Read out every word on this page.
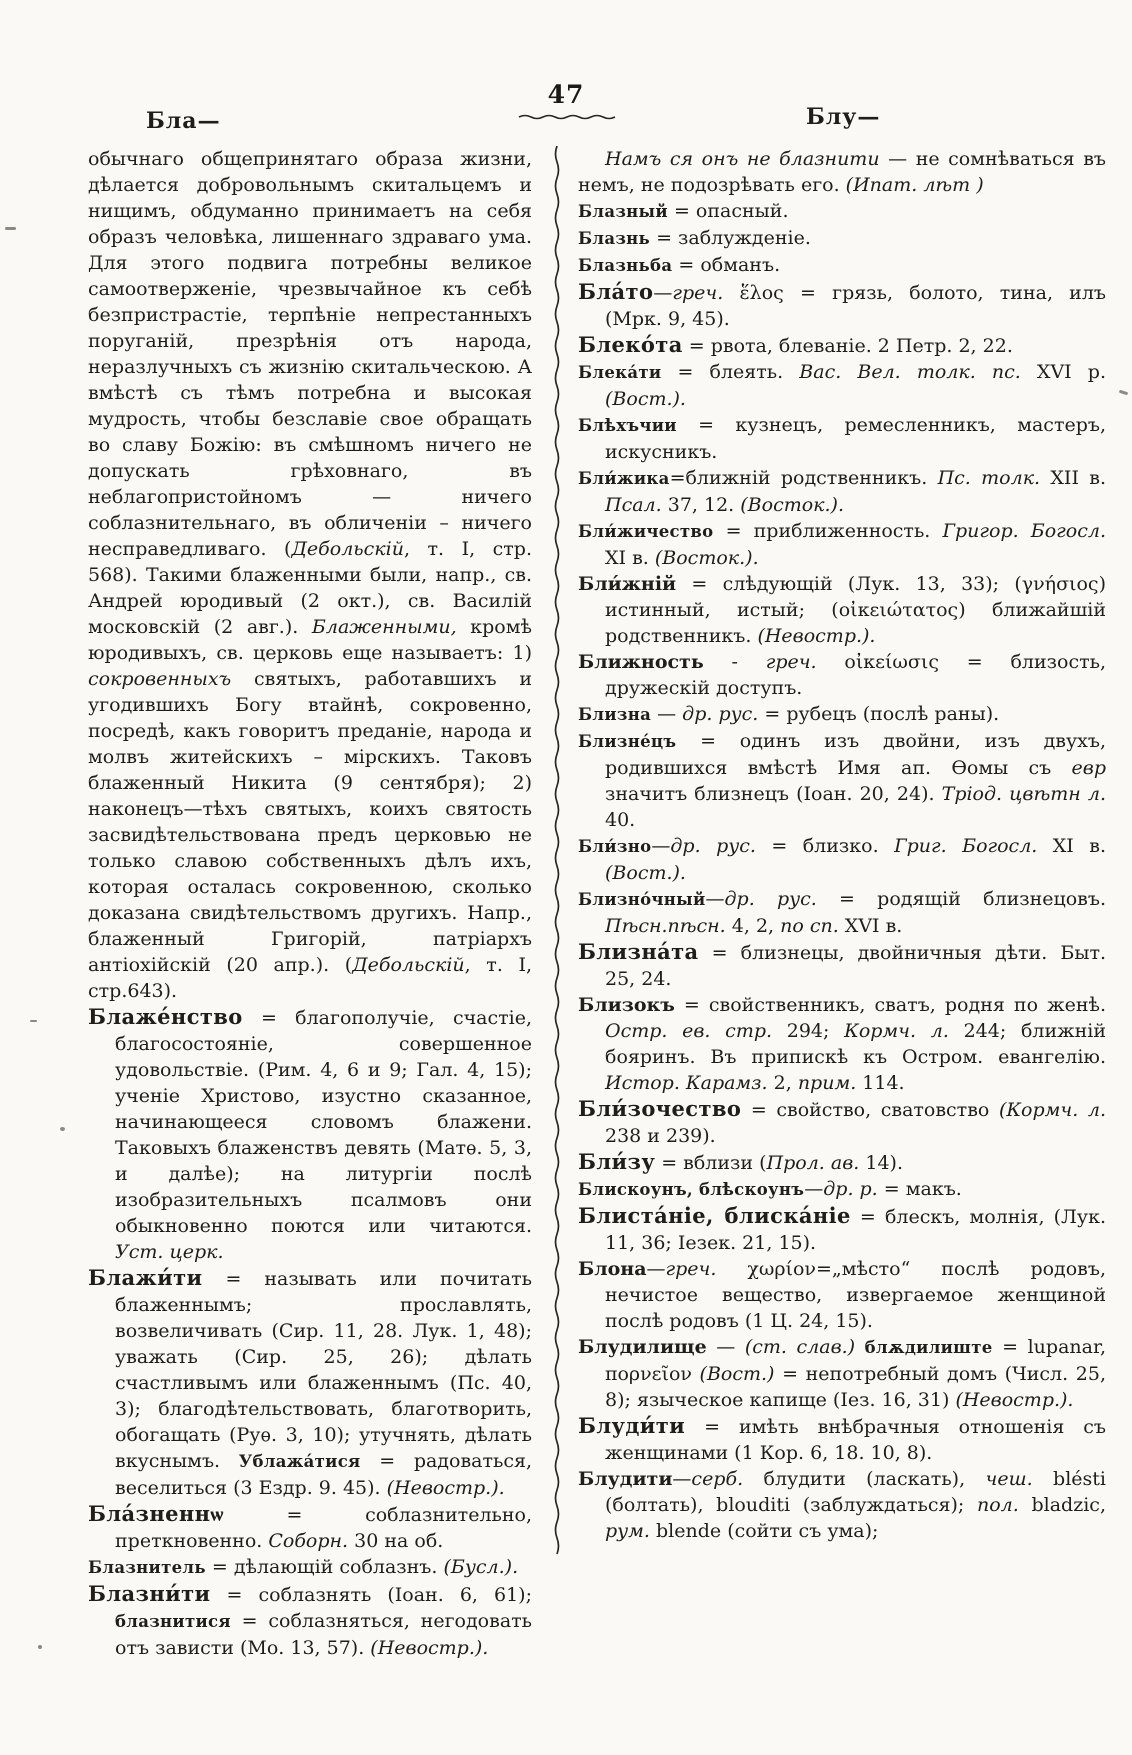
47
Бла—	Блу—

обычнаго общепринятаго образа жизни, дѣлается добровольнымъ скитальцемъ и нищимъ, обдуманно принимаетъ на себя образъ человѣка, лишеннаго здраваго ума. Для этого подвига потребны великое самоотверженіе, чрезвычайное къ себѣ безпристрастіе, терпѣніе непрестанныхъ поруганій, презрѣнія отъ народа, неразлучныхъ съ жизнію скитальческою. А вмѣстѣ съ тѣмъ потребна и высокая мудрость, чтобы безславіе свое обращать во славу Божію: въ смѣшномъ ничего не допускать грѣховнаго, въ неблагопристойномъ — ничего соблазнительнаго, въ обличеніи – ничего несправедливаго. (Дебольскій, т. I, стр. 568). Такими блаженными были, напр., св. Андрей юродивый (2 окт.), св. Василій московскій (2 авг.). Блаженными, кромѣ юродивыхъ, св. церковь еще называетъ: 1) сокровенныхъ святыхъ, работавшихъ и угодившихъ Богу втайнѣ, сокровенно, посредѣ, какъ говоритъ преданіе, народа и молвъ житейскихъ – мірскихъ. Таковъ блаженный Никита (9 сентября); 2) наконецъ—тѣхъ святыхъ, коихъ святость засвидѣтельствована предъ церковью не только славою собственныхъ дѣлъ ихъ, которая осталась сокровенною, сколько доказана свидѣтельствомъ другихъ. Напр., блаженный Григорій, патріархъ антіохійскій (20 апр.). (Дебольскій, т. I, стр.643).

Блаже́нство = благополучіе, счастіе, благосостояніе, совершенное удовольствіе. (Рим. 4, 6 и 9; Гал. 4, 15); ученіе Христово, изустно сказанное, начинающееся словомъ блажени. Таковыхъ блаженствъ девять (Матѳ. 5, 3, и далѣе); на литургіи послѣ изобразительныхъ псалмовъ они обыкновенно поются или читаются. Уст. церк.

Блажи́ти = называть или почитать блаженнымъ; прославлять, возвеличивать (Сир. 11, 28. Лук. 1, 48); уважать (Сир. 25, 26); дѣлать счастливымъ или блаженнымъ (Пс. 40, 3); благодѣтельствовать, благотворить, обогащать (Руѳ. 3, 10); утучнять, дѣлать вкуснымъ. Ублажа́тися = радоваться, веселиться (3 Ездр. 9. 45). (Невостр.).

Бла́зненнѡ = соблазнительно, преткновенно. Соборн. 30 на об.

Блазнитель = дѣлающій соблазнъ. (Бусл.).

Блазни́ти = соблазнять (Іоан. 6, 61); блазнитися = соблазняться, негодовать отъ зависти (Мо. 13, 57). (Невостр.).

Намъ ся онъ не блазнити — не сомнѣваться въ немъ, не подозрѣвать его. (Ипат. лѣт )

Блазный = опасный.

Блазнь = заблужденіе.

Блазньба = обманъ.

Бла́то—греч. ἕλος = грязь, болото, тина, илъ (Мрк. 9, 45).

Блеко́та = рвота, блеваніе. 2 Петр. 2, 22.

Блека́ти = блеять. Вас. Вел. толк. пс. XVI р. (Вост.).

Блѣхъчии = кузнецъ, ремесленникъ, мастеръ, искусникъ.

Бли́жика=ближній родственникъ. Пс. толк. XII в. Псал. 37, 12. (Восток.).

Бли́жичество = приближенность. Григор. Богосл. XI в. (Восток.).

Бли́жній = слѣдующій (Лук. 13, 33); (γνήσιος) истинный, истый; (οἰκειώτατος) ближайшій родственникъ. (Невостр.).

Ближность - греч. οἰκείωσις = близость, дружескій доступъ.

Близна — др. рус. = рубецъ (послѣ раны).

Близне́цъ = одинъ изъ двойни, изъ двухъ, родившихся вмѣстѣ Имя ап. Ѳомы съ евр значитъ близнецъ (Іоан. 20, 24). Тріод. цвѣтн л. 40.

Бли́зно—др. рус. = близко. Григ. Богосл. XI в. (Вост.).

Близно́чный—др. рус. = родящій близнецовъ. Пѣсн.пѣсн. 4, 2, по сп. XVI в.

Близна́та = близнецы, двойничныя дѣти. Быт. 25, 24.

Близокъ = свойственникъ, сватъ, родня по женѣ. Остр. ев. стр. 294; Кормч. л. 244; ближній бояринъ. Въ припискѣ къ Остром. евангелію. Истор. Карамз. 2, прим. 114.

Бли́зочество = свойство, сватовство (Кормч. л. 238 и 239).

Бли́зу = вблизи (Прол. ав. 14).

Блискоунъ, блѣскоунъ—др. р. = макъ.

Блиста́ніе, блиска́ніе = блескъ, молнія, (Лук. 11, 36; Іезек. 21, 15).

Блона—греч. χωρίον=„мѣсто“ послѣ родовъ, нечистое вещество, извергаемое женщиной послѣ родовъ (1 Ц. 24, 15).

Блудилище — (ст. слав.) блѫдилиште = lupanar, πορνεῖον (Вост.) = непотребный домъ (Числ. 25, 8); языческое капище (Іез. 16, 31) (Невостр.).

Блуди́ти = имѣть внѣбрачныя отношенія съ женщинами (1 Кор. 6, 18. 10, 8).

Блудити—серб. блудити (ласкать), чеш. blésti (болтать), blouditi (заблуждаться); пол. bladzic, рум. blende (сойти съ ума);
